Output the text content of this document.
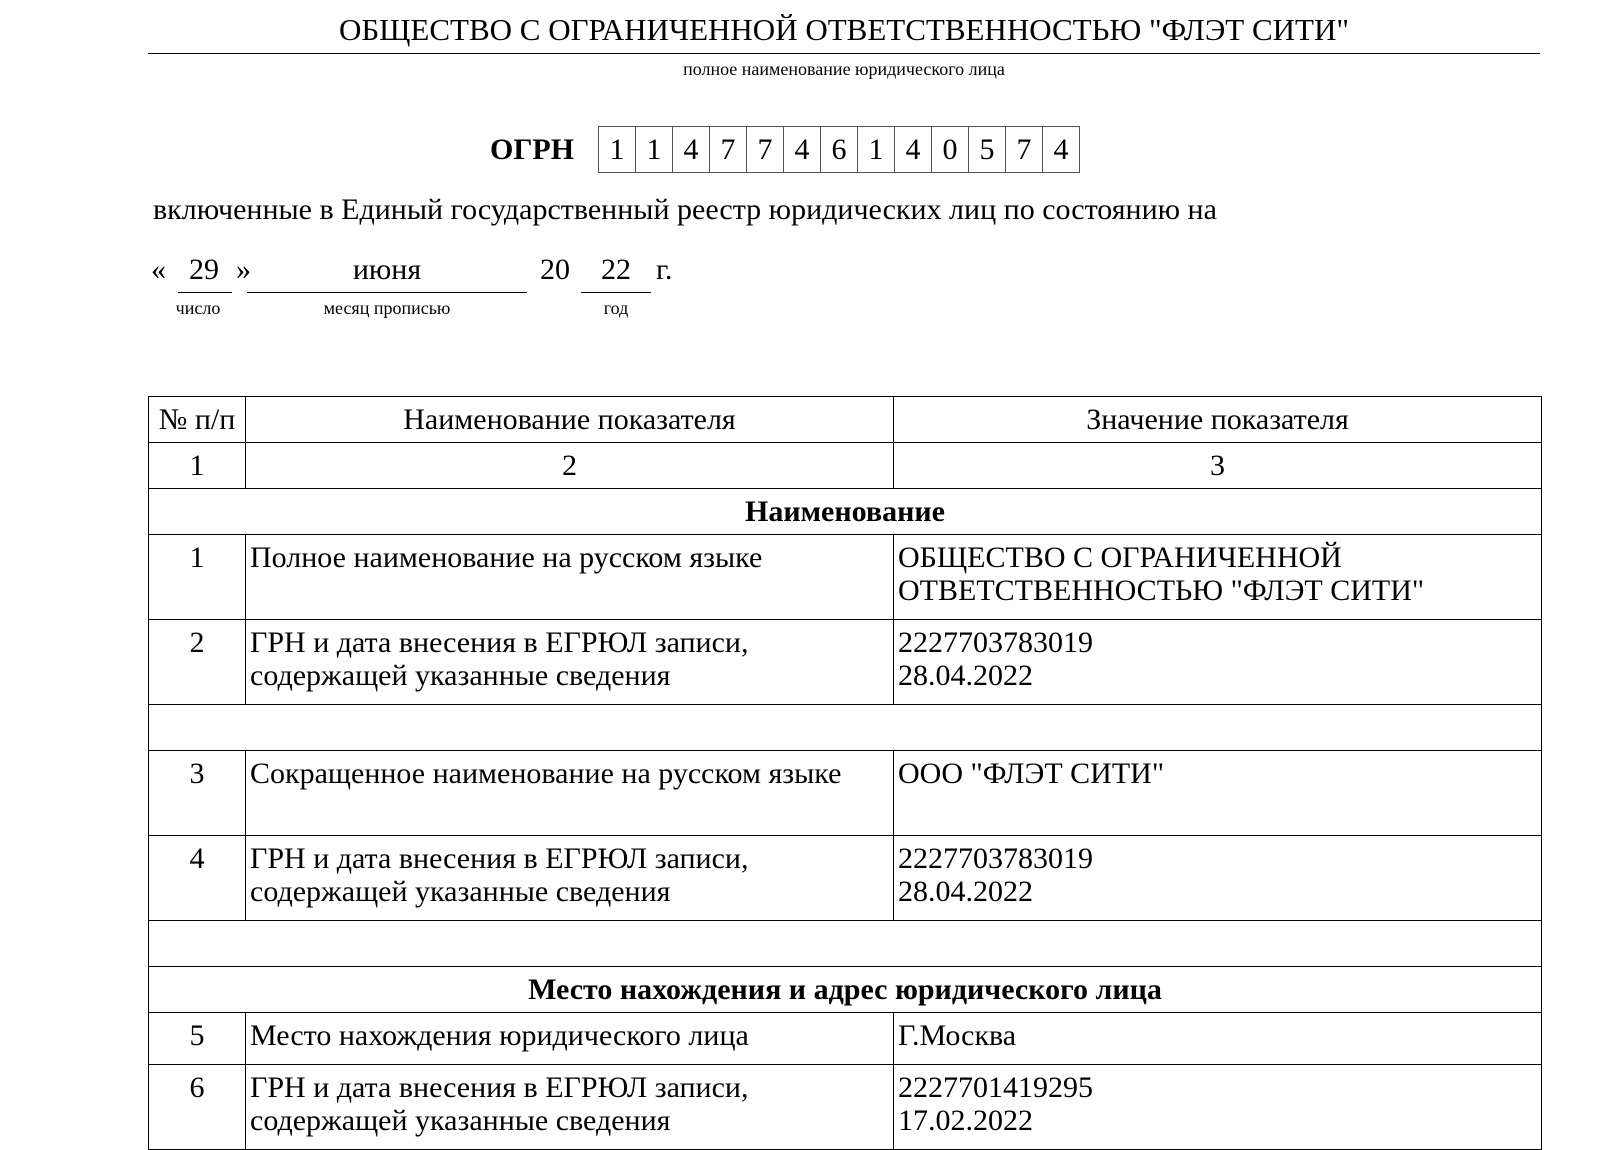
ОБЩЕСТВО С ОГРАНИЧЕННОЙ ОТВЕТСТВЕННОСТЬЮ "ФЛЭТ СИТИ"
полное наименование юридического лица
ОГРН	1 1 4 7 7 4 6 1 4 0 5 7 4
включенные в Единый государственный реестр юридических лиц по состоянию на
« 29 »	июня	20	22 г.
число	месяц прописью	год
№ п/п	Наименование показателя	Значение показателя
1	2	3
Наименование		
1	Полное наименование на русском языке	ОБЩЕСТВО С ОГРАНИЧЕННОЙ ОТВЕТСТВЕННОСТЬЮ "ФЛЭТ СИТИ"
2	ГРН и дата внесения в ЕГРЮЛ записи, содержащей указанные сведения	2227703783019
28.04.2022

3	Сокращенное наименование на русском языке	ООО "ФЛЭТ СИТИ"
4	ГРН и дата внесения в ЕГРЮЛ записи, содержащей указанные сведения	2227703783019
28.04.2022

Место нахождения и адрес юридического лица		
5	Место нахождения юридического лица	Г.Москва
6	ГРН и дата внесения в ЕГРЮЛ записи, содержащей указанные сведения	2227701419295
17.02.2022
